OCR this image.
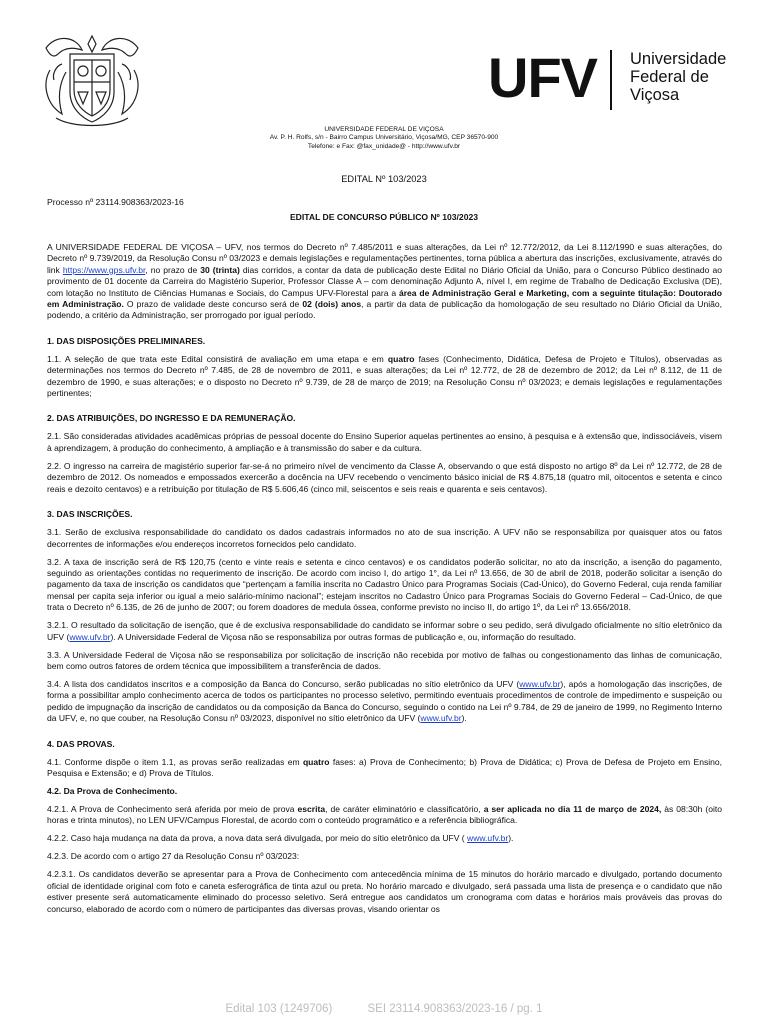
UFV Universidade
Federal de
Viçosa
UNIVERSIDADE FEDERAL DE VIÇOSA
Av. P. H. Rolfs, s/n - Bairro Campus Universitário, Viçosa/MG, CEP 36570-900
Telefone: e Fax: @fax_unidade@ - http://www.ufv.br
EDITAL Nº 103/2023
Processo nº 23114.908363/2023-16
EDITAL DE CONCURSO PÚBLICO Nº 103/2023

A UNIVERSIDADE FEDERAL DE VIÇOSA – UFV, nos termos do Decreto nº 7.485/2011 e suas alterações, da Lei nº 12.772/2012, da Lei 8.112/1990 e suas alterações, do Decreto nº 9.739/2019, da Resolução Consu nº 03/2023 e demais legislações e regulamentações pertinentes, torna pública a abertura das inscrições, exclusivamente, através do link https://www.gps.ufv.br, no prazo de 30 (trinta) dias corridos, a contar da data de publicação deste Edital no Diário Oficial da União, para o Concurso Público destinado ao provimento de 01 docente da Carreira do Magistério Superior, Professor Classe A – com denominação Adjunto A, nível I, em regime de Trabalho de Dedicação Exclusiva (DE), com lotação no Instituto de Ciências Humanas e Sociais, do Campus UFV-Florestal para a área de Administração Geral e Marketing, com a seguinte titulação: Doutorado em Administração. O prazo de validade deste concurso será de 02 (dois) anos, a partir da data de publicação da homologação de seu resultado no Diário Oficial da União, podendo, a critério da Administração, ser prorrogado por igual período.

1. DAS DISPOSIÇÕES PRELIMINARES.

1.1. A seleção de que trata este Edital consistirá de avaliação em uma etapa e em quatro fases (Conhecimento, Didática, Defesa de Projeto e Títulos), observadas as determinações nos termos do Decreto nº 7.485, de 28 de novembro de 2011, e suas alterações; da Lei nº 12.772, de 28 de dezembro de 2012; da Lei nº 8.112, de 11 de dezembro de 1990, e suas alterações; e o disposto no Decreto nº 9.739, de 28 de março de 2019; na Resolução Consu nº 03/2023; e demais legislações e regulamentações pertinentes;

2. DAS ATRIBUIÇÕES, DO INGRESSO E DA REMUNERAÇÃO.

2.1. São consideradas atividades acadêmicas próprias de pessoal docente do Ensino Superior aquelas pertinentes ao ensino, à pesquisa e à extensão que, indissociáveis, visem à aprendizagem, à produção do conhecimento, à ampliação e à transmissão do saber e da cultura.

2.2. O ingresso na carreira de magistério superior far-se-á no primeiro nível de vencimento da Classe A, observando o que está disposto no artigo 8º da Lei nº 12.772, de 28 de dezembro de 2012. Os nomeados e empossados exercerão a docência na UFV recebendo o vencimento básico inicial de R$ 4.875,18 (quatro mil, oitocentos e setenta e cinco reais e dezoito centavos) e a retribuição por titulação de R$ 5.606,46 (cinco mil, seiscentos e seis reais e quarenta e seis centavos).

3. DAS INSCRIÇÕES.

3.1. Serão de exclusiva responsabilidade do candidato os dados cadastrais informados no ato de sua inscrição. A UFV não se responsabiliza por quaisquer atos ou fatos decorrentes de informações e/ou endereços incorretos fornecidos pelo candidato.

3.2. A taxa de inscrição será de R$ 120,75 (cento e vinte reais e setenta e cinco centavos) e os candidatos poderão solicitar, no ato da inscrição, a isenção do pagamento, seguindo as orientações contidas no requerimento de inscrição. De acordo com inciso I, do artigo 1°, da Lei nº 13.656, de 30 de abril de 2018, poderão solicitar a isenção do pagamento da taxa de inscrição os candidatos que “pertençam a família inscrita no Cadastro Único para Programas Sociais (Cad-Único), do Governo Federal, cuja renda familiar mensal per capita seja inferior ou igual a meio salário-mínimo nacional”; estejam inscritos no Cadastro Único para Programas Sociais do Governo Federal – Cad-Único, de que trata o Decreto nº 6.135, de 26 de junho de 2007; ou forem doadores de medula óssea, conforme previsto no inciso II, do artigo 1º, da Lei nº 13.656/2018.

3.2.1. O resultado da solicitação de isenção, que é de exclusiva responsabilidade do candidato se informar sobre o seu pedido, será divulgado oficialmente no sítio eletrônico da UFV (www.ufv.br). A Universidade Federal de Viçosa não se responsabiliza por outras formas de publicação e, ou, informação do resultado.

3.3. A Universidade Federal de Viçosa não se responsabiliza por solicitação de inscrição não recebida por motivo de falhas ou congestionamento das linhas de comunicação, bem como outros fatores de ordem técnica que impossibilitem a transferência de dados.

3.4. A lista dos candidatos inscritos e a composição da Banca do Concurso, serão publicadas no sítio eletrônico da UFV (www.ufv.br), após a homologação das inscrições, de forma a possibilitar amplo conhecimento acerca de todos os participantes no processo seletivo, permitindo eventuais procedimentos de controle de impedimento e suspeição ou pedido de impugnação da inscrição de candidatos ou da composição da Banca do Concurso, seguindo o contido na Lei nº 9.784, de 29 de janeiro de 1999, no Regimento Interno da UFV, e, no que couber, na Resolução Consu nº 03/2023, disponível no sítio eletrônico da UFV (www.ufv.br).

4. DAS PROVAS.

4.1. Conforme dispõe o item 1.1, as provas serão realizadas em quatro fases: a) Prova de Conhecimento; b) Prova de Didática; c) Prova de Defesa de Projeto em Ensino, Pesquisa e Extensão; e d) Prova de Títulos.

4.2. Da Prova de Conhecimento.

4.2.1. A Prova de Conhecimento será aferida por meio de prova escrita, de caráter eliminatório e classificatório, a ser aplicada no dia 11 de março de 2024, às 08:30h (oito horas e trinta minutos), no LEN UFV/Campus Florestal, de acordo com o conteúdo programático e a referência bibliográfica.

4.2.2. Caso haja mudança na data da prova, a nova data será divulgada, por meio do sítio eletrônico da UFV ( www.ufv.br).

4.2.3. De acordo com o artigo 27 da Resolução Consu nº 03/2023:

4.2.3.1. Os candidatos deverão se apresentar para a Prova de Conhecimento com antecedência mínima de 15 minutos do horário marcado e divulgado, portando documento oficial de identidade original com foto e caneta esferográfica de tinta azul ou preta. No horário marcado e divulgado, será passada uma lista de presença e o candidato que não estiver presente será automaticamente eliminado do processo seletivo. Será entregue aos candidatos um cronograma com datas e horários mais prováveis das provas do concurso, elaborado de acordo com o número de participantes das diversas provas, visando orientar os

Edital 103 (1249706)	SEI 23114.908363/2023-16 / pg. 1
